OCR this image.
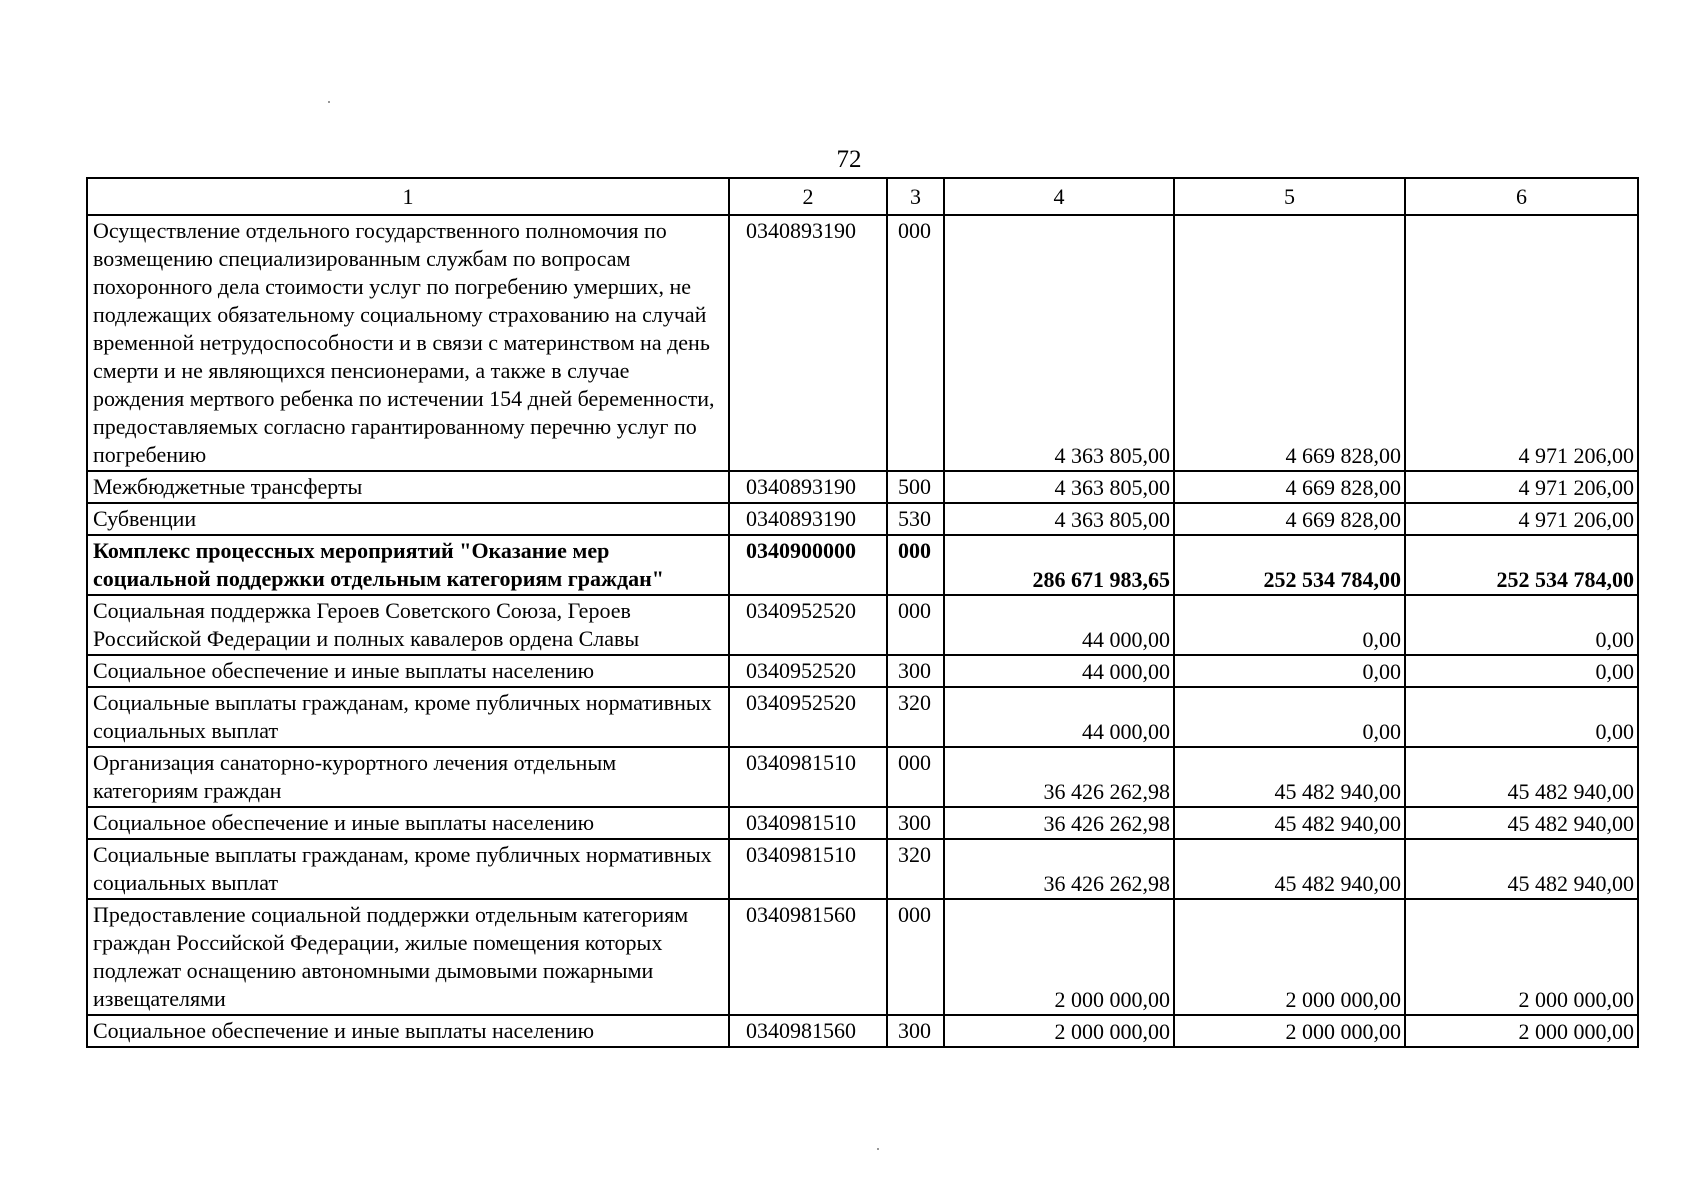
72
1	2	3	4	5	6
Осуществление отдельного государственного полномочия по возмещению специализированным службам по вопросам похоронного дела стоимости услуг по погребению умерших, не подлежащих обязательному социальному страхованию на случай временной нетрудоспособности и в связи с материнством на день смерти и не являющихся пенсионерами, а также в случае рождения мертвого ребенка по истечении 154 дней беременности, предоставляемых согласно гарантированному перечню услуг по погребению	0340893190	000	4 363 805,00	4 669 828,00	4 971 206,00
Межбюджетные трансферты	0340893190	500	4 363 805,00	4 669 828,00	4 971 206,00
Субвенции	0340893190	530	4 363 805,00	4 669 828,00	4 971 206,00
Комплекс процессных мероприятий "Оказание мер социальной поддержки отдельным категориям граждан"	0340900000	000	286 671 983,65	252 534 784,00	252 534 784,00
Социальная поддержка Героев Советского Союза, Героев Российской Федерации и полных кавалеров ордена Славы	0340952520	000	44 000,00	0,00	0,00
Социальное обеспечение и иные выплаты населению	0340952520	300	44 000,00	0,00	0,00
Социальные выплаты гражданам, кроме публичных нормативных социальных выплат	0340952520	320	44 000,00	0,00	0,00
Организация санаторно-курортного лечения отдельным категориям граждан	0340981510	000	36 426 262,98	45 482 940,00	45 482 940,00
Социальное обеспечение и иные выплаты населению	0340981510	300	36 426 262,98	45 482 940,00	45 482 940,00
Социальные выплаты гражданам, кроме публичных нормативных социальных выплат	0340981510	320	36 426 262,98	45 482 940,00	45 482 940,00
Предоставление социальной поддержки отдельным категориям граждан Российской Федерации, жилые помещения которых подлежат оснащению автономными дымовыми пожарными извещателями	0340981560	000	2 000 000,00	2 000 000,00	2 000 000,00
Социальное обеспечение и иные выплаты населению	0340981560	300	2 000 000,00	2 000 000,00	2 000 000,00
